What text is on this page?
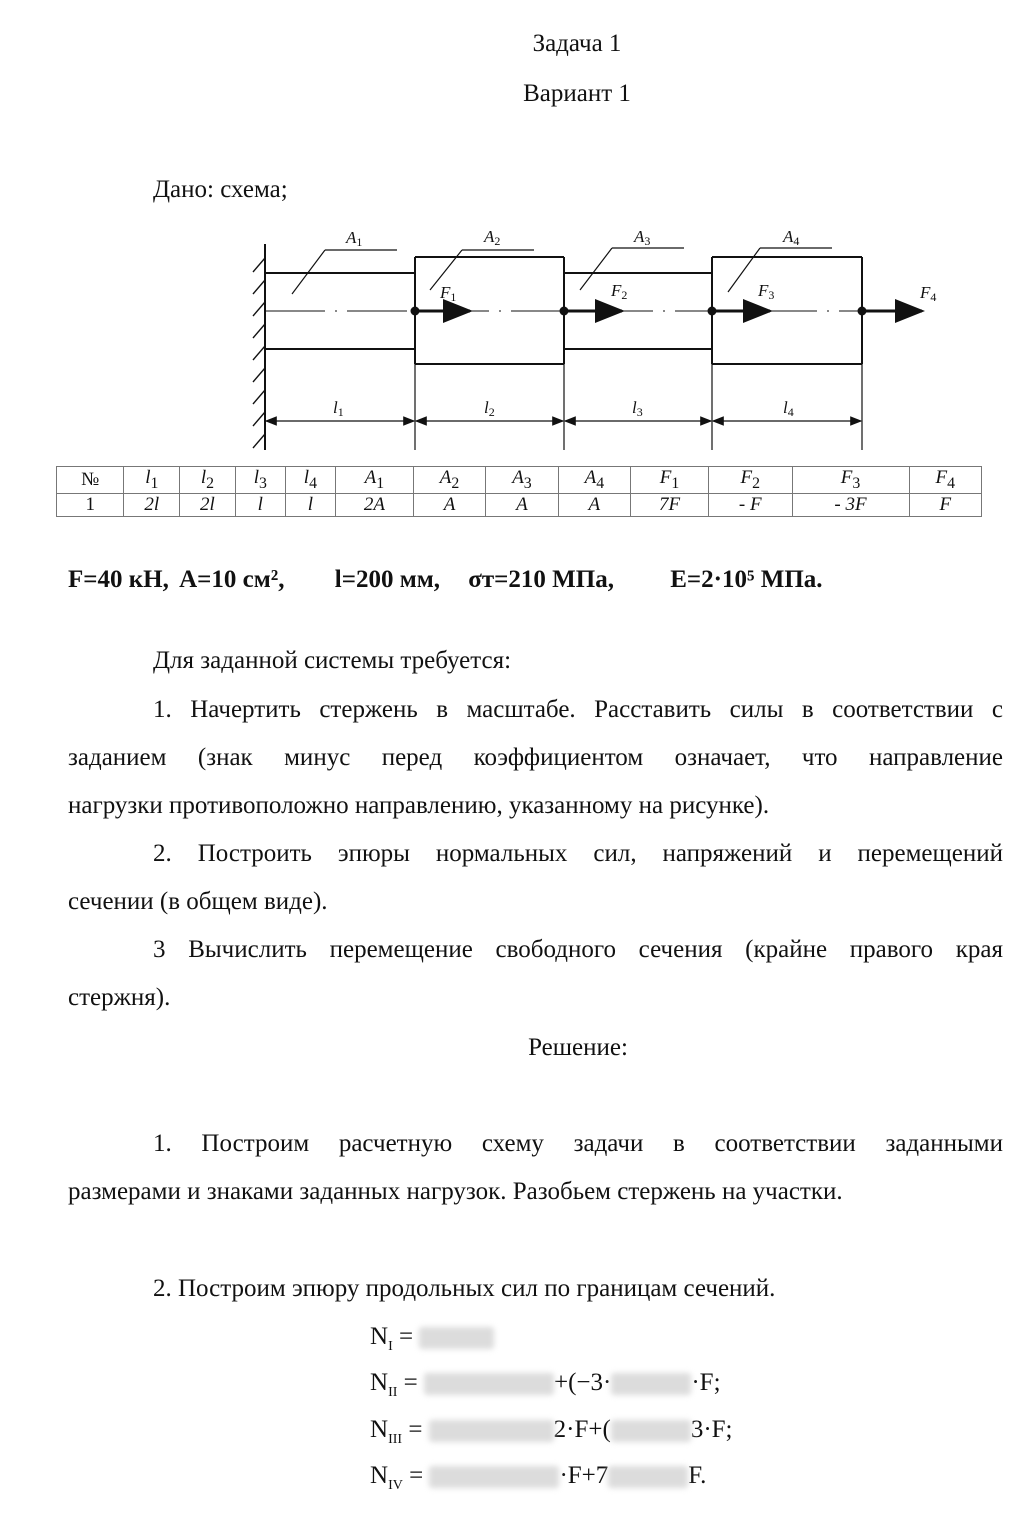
Задача 1
Вариант 1
Дано: схема;
A1	A2	A3	A4
F1	F2	F3	F4
l1	l2	l3	l4
№	$l_1$	$l_2$	$l_3$	$l_4$	$A_1$	$A_2$	$A_3$	$A_4$	$F_1$	$F_2$	$F_3$	$F_4$
1	2l	2l	l	l	2A	A	A	A	7F	- F	- 3F	F
F=40 кН, A=10 см², l=200 мм, σт=210 МПа, E=2·10⁵ МПа.
Для заданной системы требуется:
1. Начертить стержень в масштабе. Расставить силы в соответствии с
заданием (знак минус перед коэффициентом означает, что направление
нагрузки противоположно направлению, указанному на рисунке).
2. Построить эпюры нормальных сил, напряжений и перемещений
сечении (в общем виде).
3 Вычислить перемещение свободного сечения (крайне правого края
стержня).
Решение:
1. Построим расчетную схему задачи в соответствии заданными
размерами и знаками заданных нагрузок. Разобьем стержень на участки.
2. Построим эпюру продольных сил по границам сечений.
$N_I$ =
$N_{II}$ =	+(−3·	·F;
$N_{III}$ =	2·F+(	3·F;
$N_{IV}$ =	·F+7	F.
